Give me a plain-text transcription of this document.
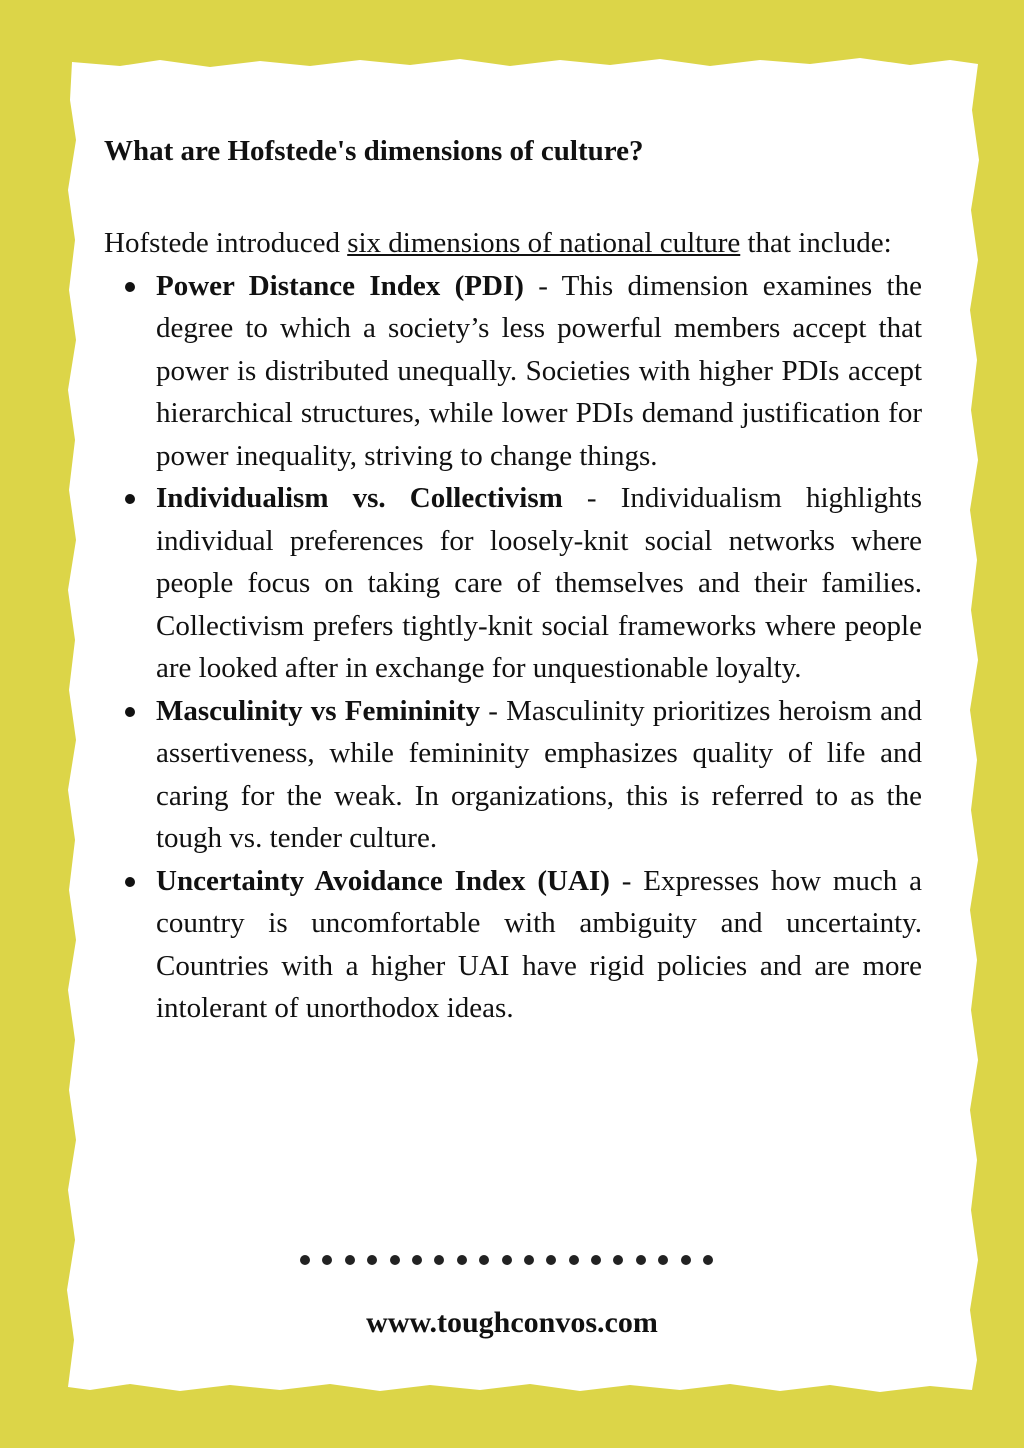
What are Hofstede's dimensions of culture?

Hofstede introduced six dimensions of national culture that include:

Power Distance Index (PDI) - This dimension examines the degree to which a society’s less powerful members accept that power is distributed unequally. Societies with higher PDIs accept hierarchical structures, while lower PDIs demand justification for power inequality, striving to change things.
Individualism vs. Collectivism - Individualism highlights individual preferences for loosely-knit social networks where people focus on taking care of themselves and their families. Collectivism prefers tightly-knit social frameworks where people are looked after in exchange for unquestionable loyalty.
Masculinity vs Femininity - Masculinity prioritizes heroism and assertiveness, while femininity emphasizes quality of life and caring for the weak. In organizations, this is referred to as the tough vs. tender culture.
Uncertainty Avoidance Index (UAI) - Expresses how much a country is uncomfortable with ambiguity and uncertainty. Countries with a higher UAI have rigid policies and are more intolerant of unorthodox ideas.
www.toughconvos.com
